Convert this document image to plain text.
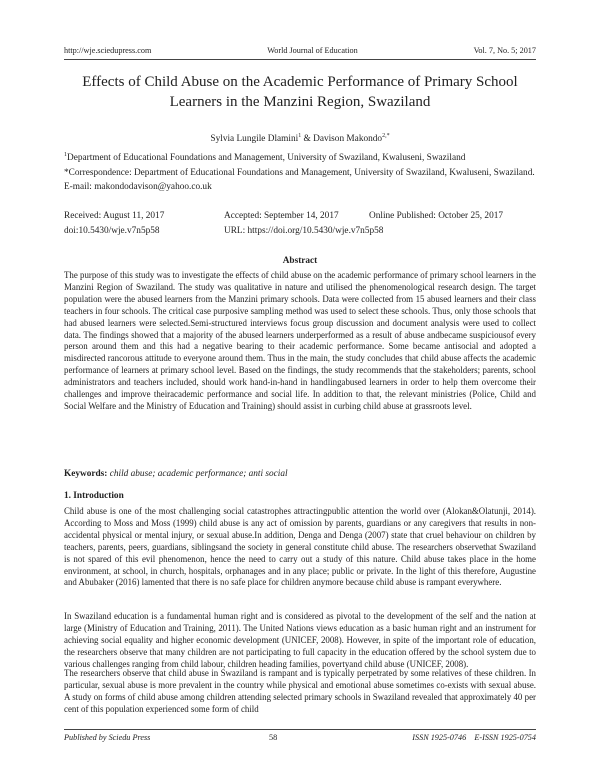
http://wje.sciedupress.com	World Journal of Education	Vol. 7, No. 5; 2017
Effects of Child Abuse on the Academic Performance of Primary School Learners in the Manzini Region, Swaziland
Sylvia Lungile Dlamini$^1$ & Davison Makondo$^{2,*}$
$^1$Department of Educational Foundations and Management, University of Swaziland, Kwaluseni, Swaziland
*Correspondence: Department of Educational Foundations and Management, University of Swaziland, Kwaluseni, Swaziland. E-mail: makondodavison@yahoo.co.uk
Received: August 11, 2017	Accepted: September 14, 2017	Online Published: October 25, 2017
doi:10.5430/wje.v7n5p58	URL: https://doi.org/10.5430/wje.v7n5p58
Abstract
The purpose of this study was to investigate the effects of child abuse on the academic performance of primary school learners in the Manzini Region of Swaziland. The study was qualitative in nature and utilised the phenomenological research design. The target population were the abused learners from the Manzini primary schools. Data were collected from 15 abused learners and their class teachers in four schools. The critical case purposive sampling method was used to select these schools. Thus, only those schools that had abused learners were selected.Semi-structured interviews focus group discussion and document analysis were used to collect data. The findings showed that a majority of the abused learners underperformed as a result of abuse andbecame suspiciousof every person around them and this had a negative bearing to their academic performance. Some became antisocial and adopted a misdirected rancorous attitude to everyone around them. Thus in the main, the study concludes that child abuse affects the academic performance of learners at primary school level. Based on the findings, the study recommends that the stakeholders; parents, school administrators and teachers included, should work hand-in-hand in handlingabused learners in order to help them overcome their challenges and improve theiracademic performance and social life. In addition to that, the relevant ministries (Police, Child and Social Welfare and the Ministry of Education and Training) should assist in curbing child abuse at grassroots level.
Keywords: child abuse; academic performance; anti social
1. Introduction
Child abuse is one of the most challenging social catastrophes attractingpublic attention the world over (Alokan&Olatunji, 2014). According to Moss and Moss (1999) child abuse is any act of omission by parents, guardians or any caregivers that results in non-accidental physical or mental injury, or sexual abuse.In addition, Denga and Denga (2007) state that cruel behaviour on children by teachers, parents, peers, guardians, siblingsand the society in general constitute child abuse. The researchers observethat Swaziland is not spared of this evil phenomenon, hence the need to carry out a study of this nature. Child abuse takes place in the home environment, at school, in church, hospitals, orphanages and in any place; public or private. In the light of this therefore, Augustine and Abubaker (2016) lamented that there is no safe place for children anymore because child abuse is rampant everywhere.
In Swaziland education is a fundamental human right and is considered as pivotal to the development of the self and the nation at large (Ministry of Education and Training, 2011). The United Nations views education as a basic human right and an instrument for achieving social equality and higher economic development (UNICEF, 2008). However, in spite of the important role of education, the researchers observe that many children are not participating to full capacity in the education offered by the school system due to various challenges ranging from child labour, children heading families, povertyand child abuse (UNICEF, 2008).
The researchers observe that child abuse in Swaziland is rampant and is typically perpetrated by some relatives of these children. In particular, sexual abuse is more prevalent in the country while physical and emotional abuse sometimes co-exists with sexual abuse. A study on forms of child abuse among children attending selected primary schools in Swaziland revealed that approximately 40 per cent of this population experienced some form of child
Published by Sciedu Press	58	ISSN 1925-0746    E-ISSN 1925-0754
